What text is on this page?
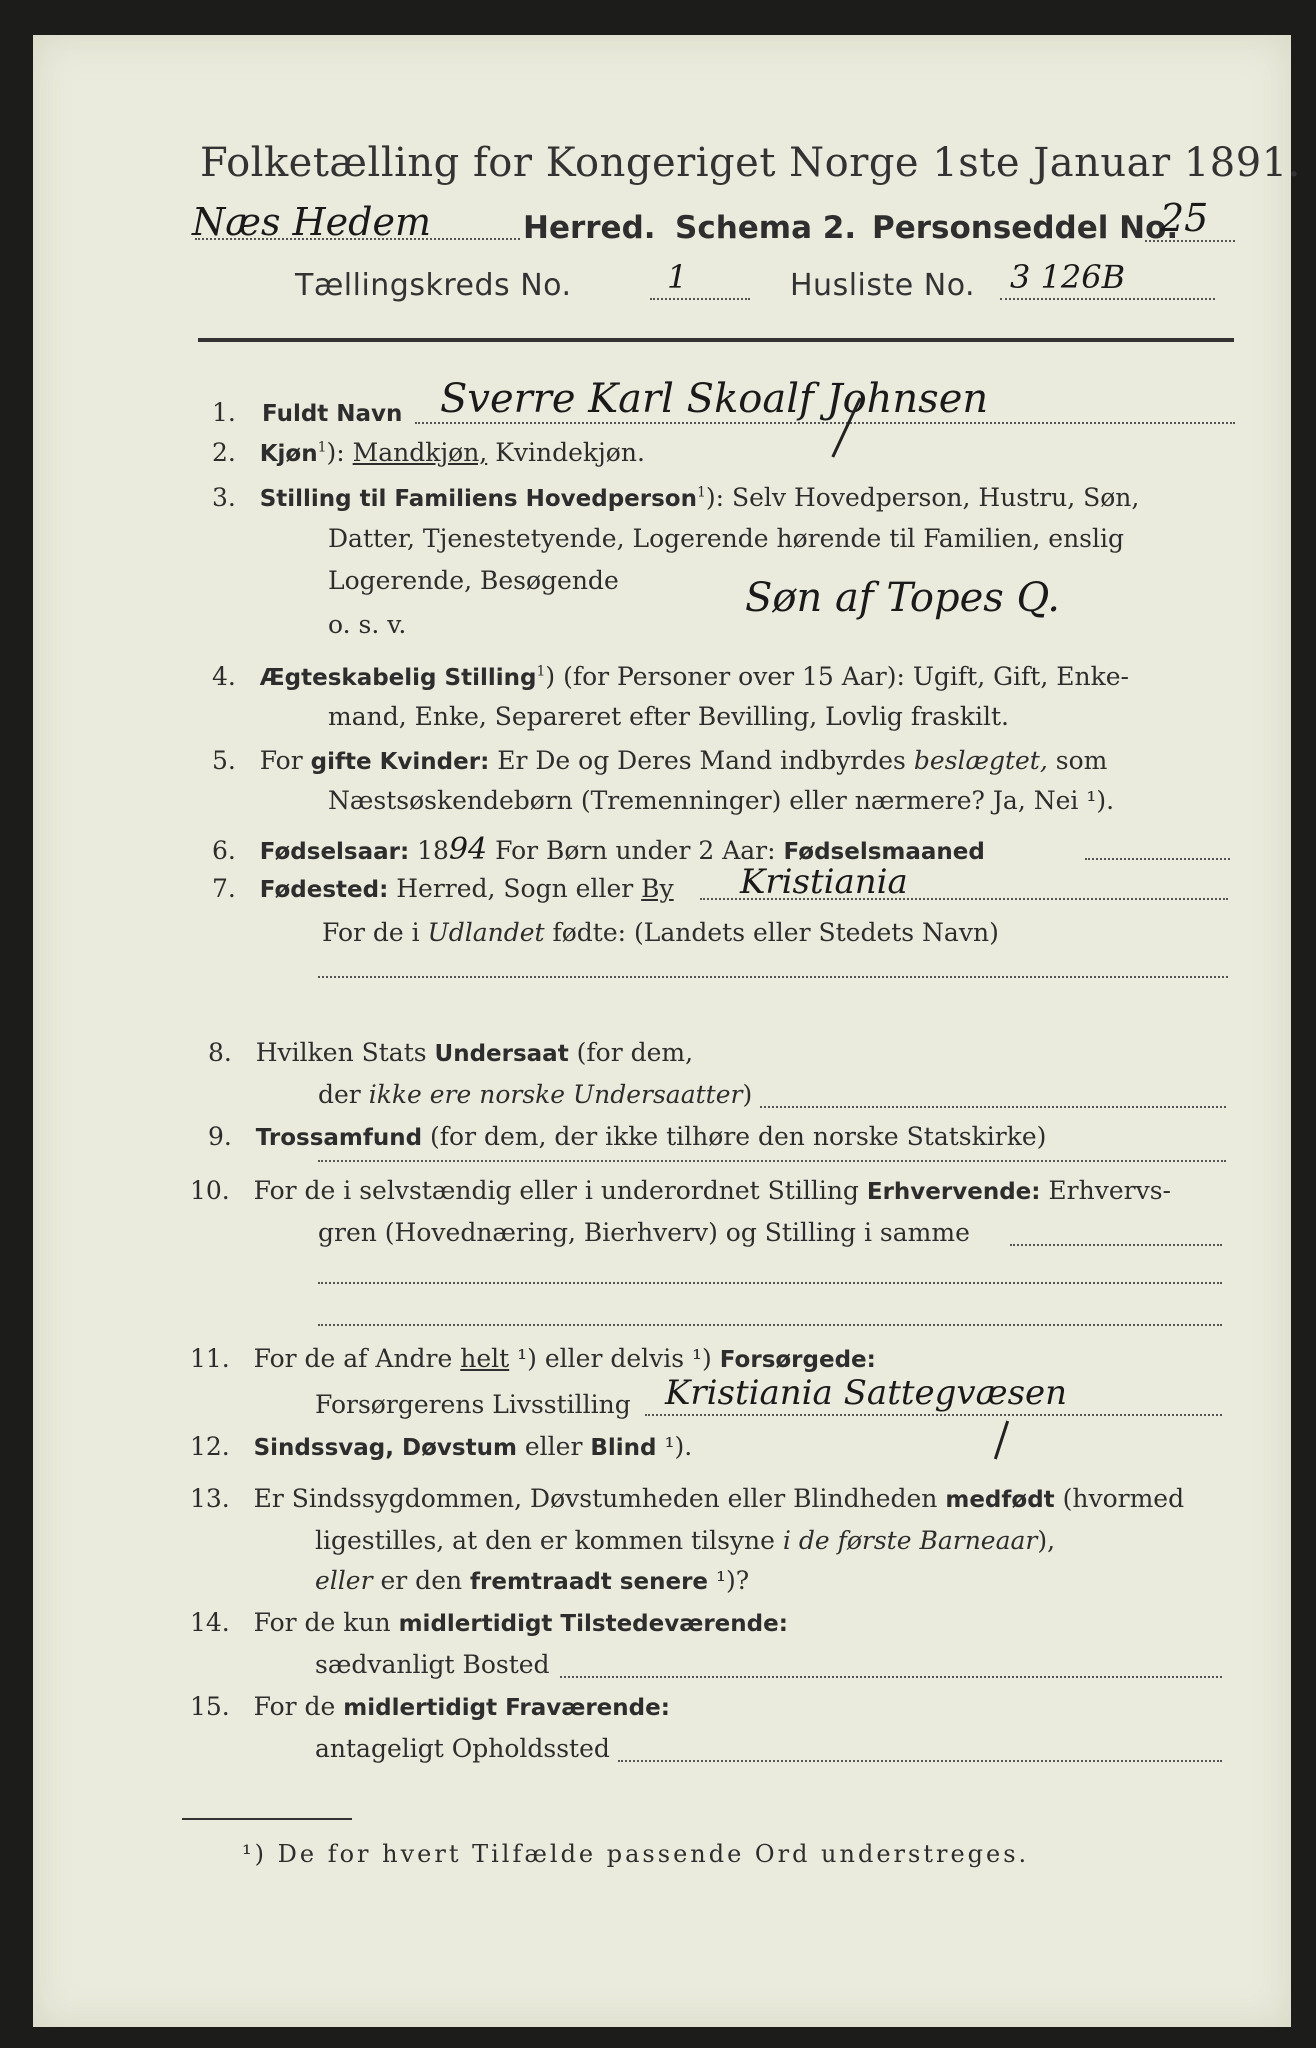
Folketælling for Kongeriget Norge 1ste Januar 1891.
Næs Hedem	Herred. Schema 2. Personseddel No.
25
Tællingskreds No.	1	Husliste No. 3 126B
1. Fuldt Navn Sverre Karl Skoalf Johnsen
2. Kjøn$^1$): Mandkjøn, Kvindekjøn.
3. Stilling til Familiens Hovedperson$^1$): Selv Hovedperson, Hustru, Søn,
Datter, Tjenestetyende, Logerende hørende til Familien, enslig
Logerende, Besøgende
o. s. v.
Søn af Topes Q.
4. Ægteskabelig Stilling$^1$) (for Personer over 15 Aar): Ugift, Gift, Enke-
mand, Enke, Separeret efter Bevilling, Lovlig fraskilt.
5. For gifte Kvinder: Er De og Deres Mand indbyrdes beslægtet, som
Næstsøskendebørn (Tremenninger) eller nærmere? Ja, Nei ¹).
6. Fødselsaar: 1894 For Børn under 2 Aar: Fødselsmaaned
7. Fødested: Herred, Sogn eller By Kristiania
For de i Udlandet fødte: (Landets eller Stedets Navn)
8. Hvilken Stats Undersaat (for dem,
der ikke ere norske Undersaatter)
9. Trossamfund (for dem, der ikke tilhøre den norske Statskirke)
10. For de i selvstændig eller i underordnet Stilling Erhvervende: Erhvervs-
gren (Hovednæring, Bierhverv) og Stilling i samme
11. For de af Andre helt ¹) eller delvis ¹) Forsørgede:
Forsørgerens Livsstilling Kristiania Sattegvæsen
12. Sindssvag, Døvstum eller Blind ¹).
13. Er Sindssygdommen, Døvstumheden eller Blindheden medfødt (hvormed
ligestilles, at den er kommen tilsyne i de første Barneaar),
eller er den fremtraadt senere ¹)?
14. For de kun midlertidigt Tilstedeværende:
sædvanligt Bosted
15. For de midlertidigt Fraværende:
antageligt Opholdssted
¹) De for hvert Tilfælde passende Ord understreges.
